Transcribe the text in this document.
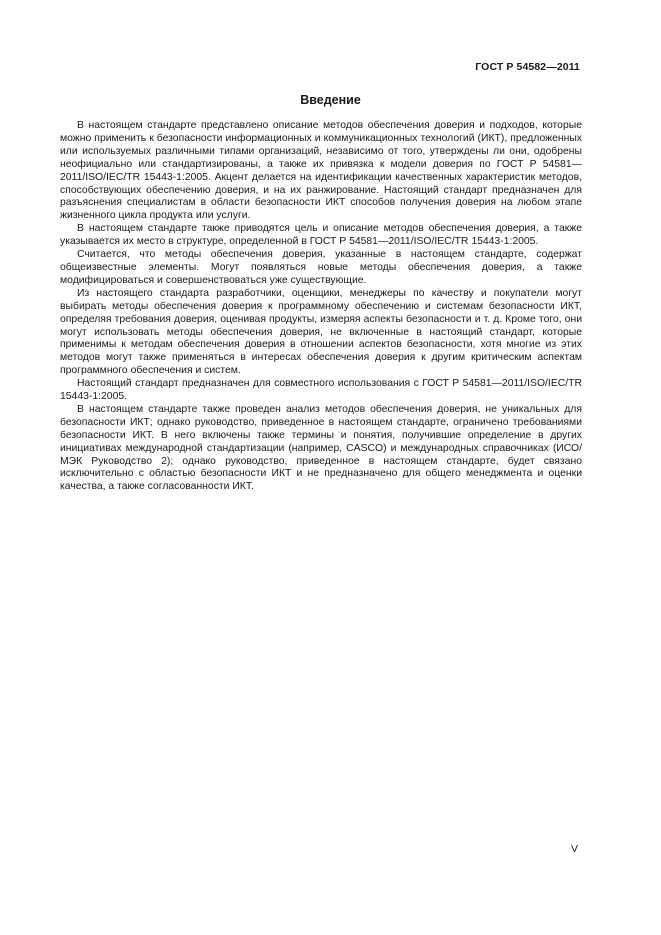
ГОСТ Р 54582—2011
Введение

В настоящем стандарте представлено описание методов обеспечения доверия и подходов, которые можно применить к безопасности информационных и коммуникационных технологий (ИКТ), предложенных или используемых различными типами организаций, независимо от того, утверждены ли они, одобрены неофициально или стандартизированы, а также их привязка к модели доверия по ГОСТ Р 54581—2011/ISO/IEC/TR 15443-1:2005. Акцент делается на идентификации качественных характеристик методов, способствующих обеспечению доверия, и на их ранжирование. Настоящий стандарт предназначен для разъяснения специалистам в области безопасности ИКТ способов получения доверия на любом этапе жизненного цикла продукта или услуги.

В настоящем стандарте также приводятся цель и описание методов обеспечения доверия, а также указывается их место в структуре, определенной в ГОСТ Р 54581—2011/ISO/IEC/TR 15443-1:2005.

Считается, что методы обеспечения доверия, указанные в настоящем стандарте, содержат общеизвестные элементы. Могут появляться новые методы обеспечения доверия, а также модифицироваться и совершенствоваться уже существующие.

Из настоящего стандарта разработчики, оценщики, менеджеры по качеству и покупатели могут выбирать методы обеспечения доверия к программному обеспечению и системам безопасности ИКТ, определяя требования доверия, оценивая продукты, измеряя аспекты безопасности и т. д. Кроме того, они могут использовать методы обеспечения доверия, не включенные в настоящий стандарт, которые применимы к методам обеспечения доверия в отношении аспектов безопасности, хотя многие из этих методов могут также применяться в интересах обеспечения доверия к другим критическим аспектам программного обеспечения и систем.

Настоящий стандарт предназначен для совместного использования с ГОСТ Р 54581—2011/ISO/IEC/TR 15443-1:2005.

В настоящем стандарте также проведен анализ методов обеспечения доверия, не уникальных для безопасности ИКТ; однако руководство, приведенное в настоящем стандарте, ограничено требованиями безопасности ИКТ. В него включены также термины и понятия, получившие определение в других инициативах международной стандартизации (например, CASCO) и международных справочниках (ИСО/МЭК Руководство 2); однако руководство, приведенное в настоящем стандарте, будет связано исключительно с областью безопасности ИКТ и не предназначено для общего менеджмента и оценки качества, а также согласованности ИКТ.

V
